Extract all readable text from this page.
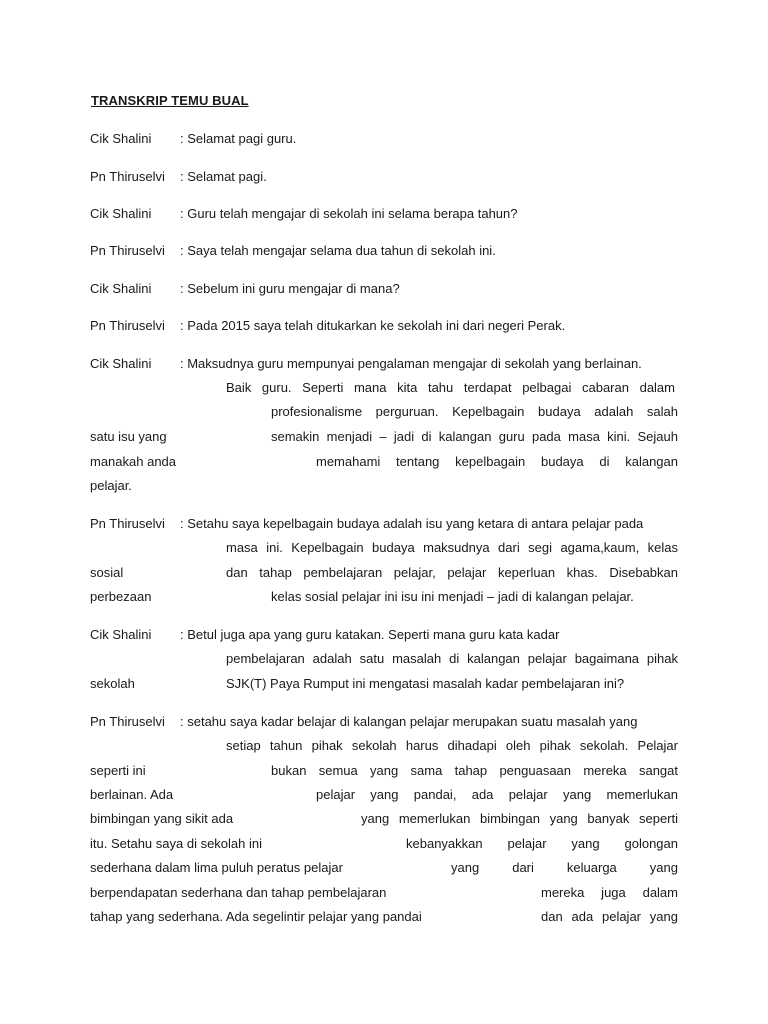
TRANSKRIP TEMU BUAL
Cik Shalini : Selamat pagi guru.
Pn Thiruselvi : Selamat pagi.
Cik Shalini : Guru telah mengajar di sekolah ini selama berapa tahun?
Pn Thiruselvi : Saya telah mengajar selama dua tahun di sekolah ini.
Cik Shalini : Sebelum ini guru mengajar di mana?
Pn Thiruselvi : Pada 2015 saya telah ditukarkan ke sekolah ini dari negeri Perak.
Cik Shalini : Maksudnya guru mempunyai pengalaman mengajar di sekolah yang berlainan.
Baik guru. Seperti mana kita tahu terdapat pelbagai cabaran dalam
profesionalisme perguruan. Kepelbagain budaya adalah salah
satu isu yang	semakin menjadi – jadi di kalangan guru pada masa kini. Sejauh
manakah anda	memahami tentang kepelbagain budaya di kalangan
pelajar.
Pn Thiruselvi : Setahu saya kepelbagain budaya adalah isu yang ketara di antara pelajar pada
masa ini. Kepelbagain budaya maksudnya dari segi agama,kaum, kelas
sosial	dan tahap pembelajaran pelajar, pelajar keperluan khas. Disebabkan
perbezaan	kelas sosial pelajar ini isu ini menjadi – jadi di kalangan pelajar.
Cik Shalini : Betul juga apa yang guru katakan. Seperti mana guru kata kadar
pembelajaran adalah satu masalah di kalangan pelajar bagaimana pihak
sekolah	SJK(T) Paya Rumput ini mengatasi masalah kadar pembelajaran ini?
Pn Thiruselvi : setahu saya kadar belajar di kalangan pelajar merupakan suatu masalah yang
setiap tahun pihak sekolah harus dihadapi oleh pihak sekolah. Pelajar
seperti ini	bukan semua yang sama tahap penguasaan mereka sangat
berlainan. Ada	pelajar yang pandai, ada pelajar yang memerlukan
bimbingan yang sikit ada	yang memerlukan bimbingan yang banyak seperti
itu. Setahu saya di sekolah ini	kebanyakkan pelajar yang golongan
sederhana dalam lima puluh peratus pelajar	yang dari keluarga yang
berpendapatan sederhana dan tahap pembelajaran	mereka juga dalam
tahap yang sederhana. Ada segelintir pelajar yang pandai	dan ada pelajar yang
